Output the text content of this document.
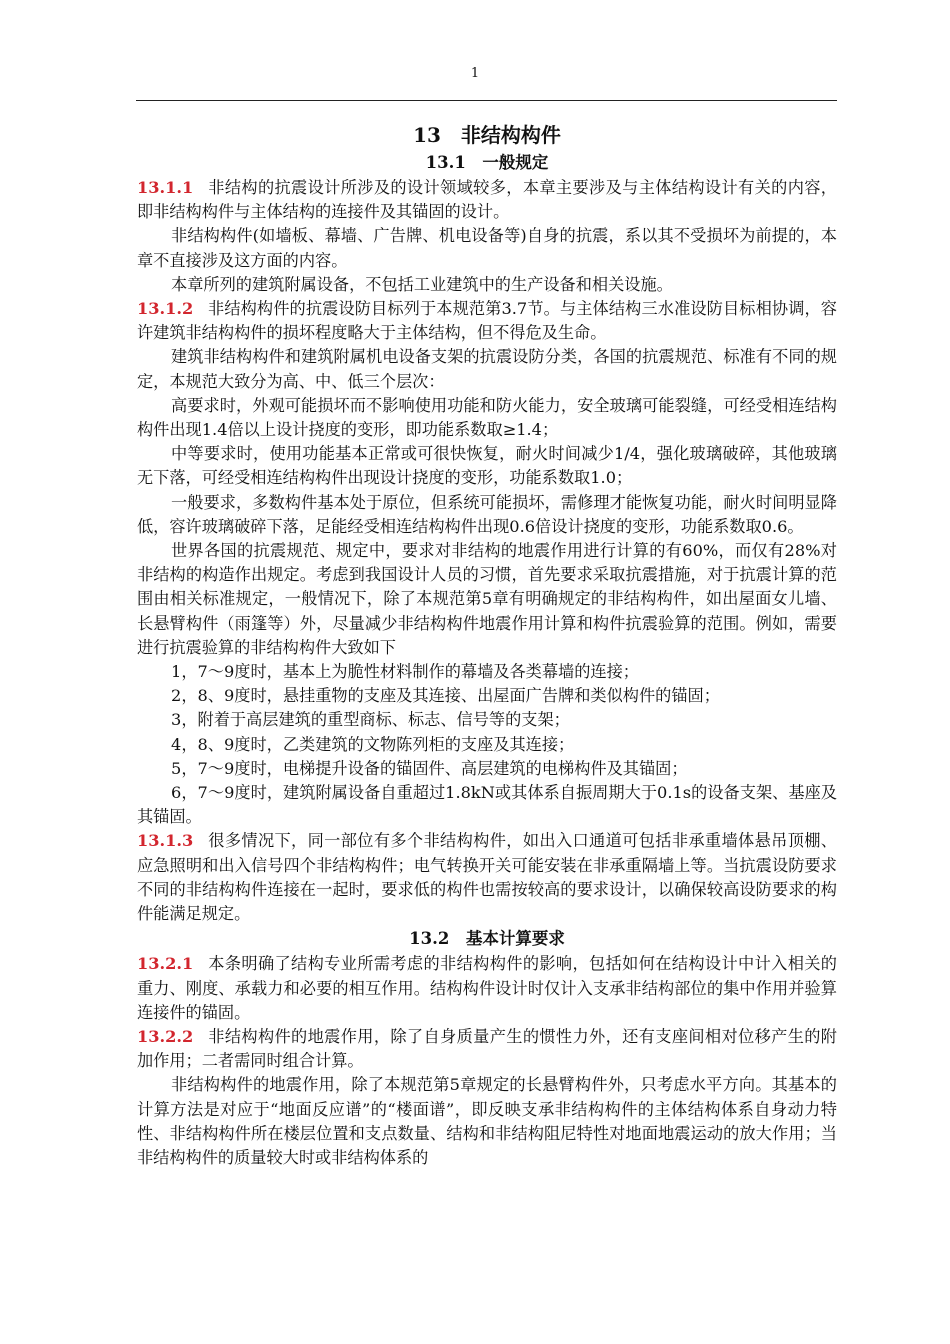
1
13　非结构构件
13.1　一般规定

13.1.1 非结构的抗震设计所涉及的设计领域较多，本章主要涉及与主体结构设计有关的内容，即非结构构件与主体结构的连接件及其锚固的设计。

非结构构件(如墙板、幕墙、广告牌、机电设备等)自身的抗震，系以其不受损坏为前提的，本章不直接涉及这方面的内容。

本章所列的建筑附属设备，不包括工业建筑中的生产设备和相关设施。

13.1.2 非结构构件的抗震设防目标列于本规范第3.7节。与主体结构三水准设防目标相协调，容许建筑非结构构件的损坏程度略大于主体结构，但不得危及生命。

建筑非结构构件和建筑附属机电设备支架的抗震设防分类，各国的抗震规范、标准有不同的规定，本规范大致分为高、中、低三个层次：

高要求时，外观可能损坏而不影响使用功能和防火能力，安全玻璃可能裂缝，可经受相连结构构件出现1.4倍以上设计挠度的变形，即功能系数取≥1.4；

中等要求时，使用功能基本正常或可很快恢复，耐火时间减少1/4，强化玻璃破碎，其他玻璃无下落，可经受相连结构构件出现设计挠度的变形，功能系数取1.0；

一般要求，多数构件基本处于原位，但系统可能损坏，需修理才能恢复功能，耐火时间明显降低，容许玻璃破碎下落，足能经受相连结构构件出现0.6倍设计挠度的变形，功能系数取0.6。

世界各国的抗震规范、规定中，要求对非结构的地震作用进行计算的有60%，而仅有28%对非结构的构造作出规定。考虑到我国设计人员的习惯，首先要求采取抗震措施，对于抗震计算的范围由相关标准规定，一般情况下，除了本规范第5章有明确规定的非结构构件，如出屋面女儿墙、长悬臂构件（雨篷等）外，尽量减少非结构构件地震作用计算和构件抗震验算的范围。例如，需要进行抗震验算的非结构构件大致如下

1，7～9度时，基本上为脆性材料制作的幕墙及各类幕墙的连接；

2，8、9度时，悬挂重物的支座及其连接、出屋面广告牌和类似构件的锚固；

3，附着于高层建筑的重型商标、标志、信号等的支架；

4，8、9度时，乙类建筑的文物陈列柜的支座及其连接；

5，7～9度时，电梯提升设备的锚固件、高层建筑的电梯构件及其锚固；

6，7～9度时，建筑附属设备自重超过1.8kN或其体系自振周期大于0.1s的设备支架、基座及其锚固。

13.1.3 很多情况下，同一部位有多个非结构构件，如出入口通道可包括非承重墙体悬吊顶棚、应急照明和出入信号四个非结构构件；电气转换开关可能安装在非承重隔墙上等。当抗震设防要求不同的非结构构件连接在一起时，要求低的构件也需按较高的要求设计，以确保较高设防要求的构件能满足规定。

13.2　基本计算要求

13.2.1 本条明确了结构专业所需考虑的非结构构件的影响，包括如何在结构设计中计入相关的重力、刚度、承载力和必要的相互作用。结构构件设计时仅计入支承非结构部位的集中作用并验算连接件的锚固。

13.2.2 非结构构件的地震作用，除了自身质量产生的惯性力外，还有支座间相对位移产生的附加作用；二者需同时组合计算。

非结构构件的地震作用，除了本规范第5章规定的长悬臂构件外，只考虑水平方向。其基本的计算方法是对应于“地面反应谱”的“楼面谱”，即反映支承非结构构件的主体结构体系自身动力特性、非结构构件所在楼层位置和支点数量、结构和非结构阻尼特性对地面地震运动的放大作用；当非结构构件的质量较大时或非结构体系的
